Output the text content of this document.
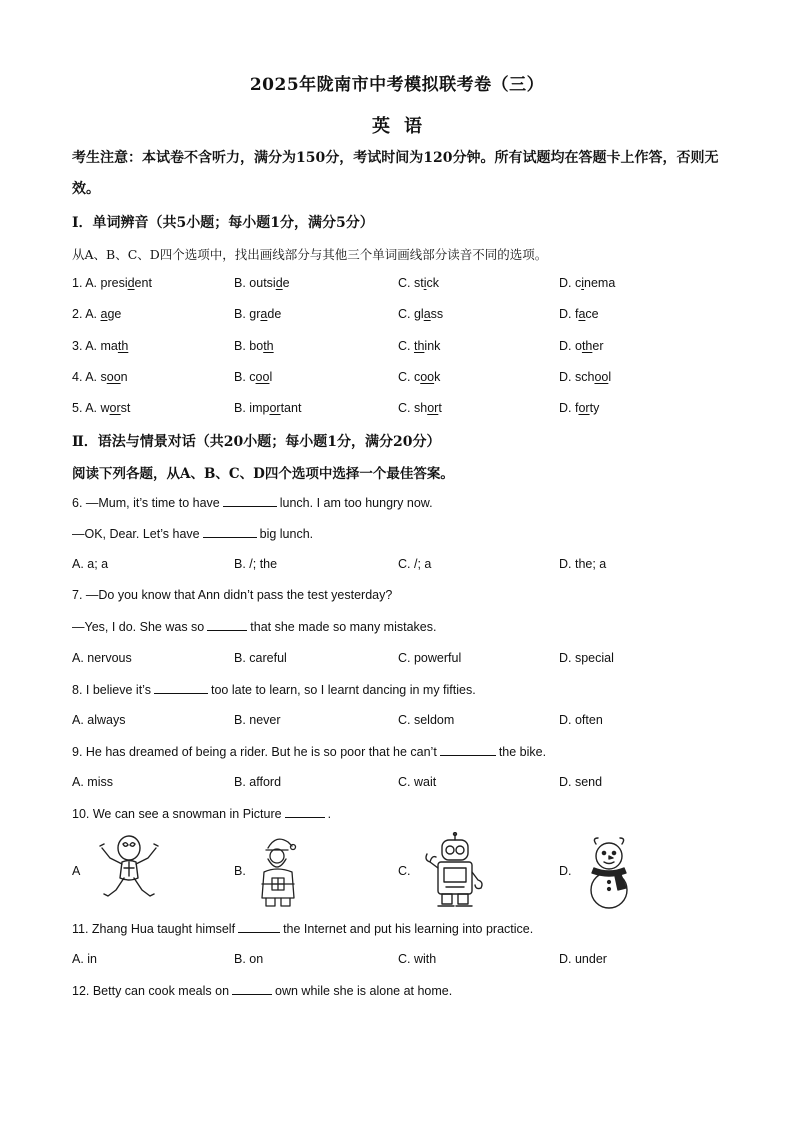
2025年陇南市中考模拟联考卷（三）
英语
考生注意：本试卷不含听力，满分为150分，考试时间为120分钟。所有试题均在答题卡上作答，否则无效。
Ⅰ．单词辨音（共5小题；每小题1分，满分5分）
从A、B、C、D四个选项中，找出画线部分与其他三个单词画线部分读音不同的选项。
1. A. president	B. outside	C. stick	D. cinema
2. A. age	B. grade	C. glass	D. face
3. A. math	B. both	C. think	D. other
4. A. soon	B. cool	C. cook	D. school
5. A. worst	B. important	C. short	D. forty
Ⅱ．语法与情景对话（共20小题；每小题1分，满分20分）
阅读下列各题，从A、B、C、D四个选项中选择一个最佳答案。
6. —Mum, it’s time to have	lunch. I am too hungry now.
—OK, Dear. Let’s have	big lunch.
A. a; a	B. /; the	C. /; a	D. the; a
7. —Do you know that Ann didn’t pass the test yesterday?
—Yes, I do. She was so	that she made so many mistakes.
A. nervous	B. careful	C. powerful	D. special
8. I believe it’s	too late to learn, so I learnt dancing in my fifties.
A. always	B. never	C. seldom	D. often
9. He has dreamed of being a rider. But he is so poor that he can’t	the bike.
A. miss	B. afford	C. wait	D. send
10. We can see a snowman in Picture	.
A	B.	C.	D.
11. Zhang Hua taught himself	the Internet and put his learning into practice.
A. in	B. on	C. with	D. under
12. Betty can cook meals on	own while she is alone at home.
